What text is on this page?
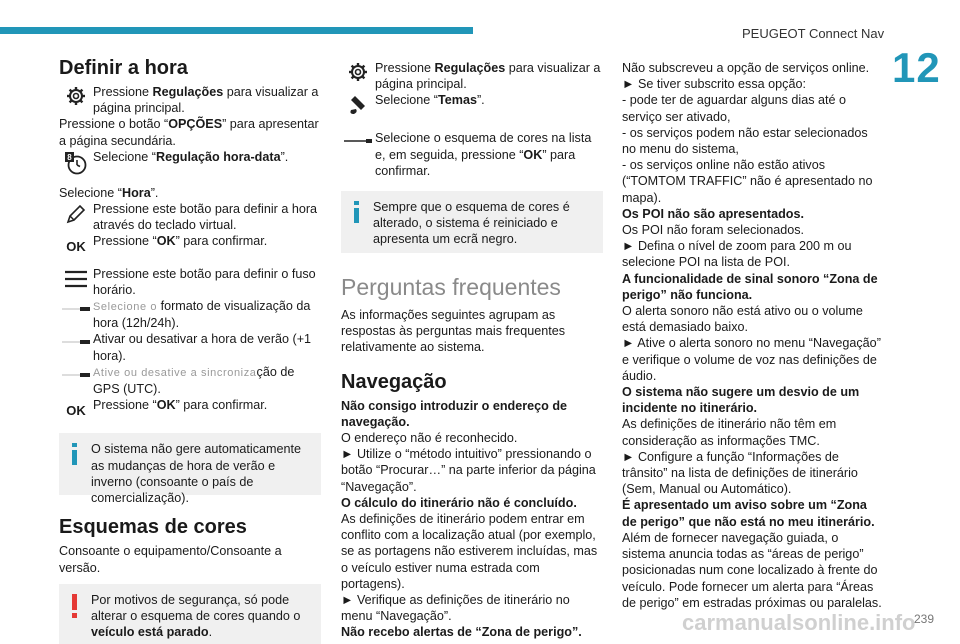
PEUGEOT Connect Nav
12
Definir a hora

Pressione Regulações para visualizar a página principal.

Pressione o botão “OPÇÕES” para apresentar a página secundária.

8 Selecione “Regulação hora-data”.

Selecione “Hora”.

Pressione este botão para definir a hora através do teclado virtual.

OK Pressione “OK” para confirmar.

Pressione este botão para definir o fuso horário.

Selecione o formato de visualização da hora (12h/24h).

Ativar ou desativar a hora de verão (+1 hora).

Ative ou desative a sincronização de GPS (UTC).

OK Pressione “OK” para confirmar.

O sistema não gere automaticamente as mudanças de hora de verão e inverno (consoante o país de comercialização).

Esquemas de cores

Consoante o equipamento/Consoante a versão.

Por motivos de segurança, só pode alterar o esquema de cores quando o veículo está parado.

Pressione Regulações para visualizar a página principal.

Selecione “Temas”.

Selecione o esquema de cores na lista e, em seguida, pressione “OK” para confirmar.

Sempre que o esquema de cores é alterado, o sistema é reiniciado e apresenta um ecrã negro.

Perguntas frequentes

As informações seguintes agrupam as respostas às perguntas mais frequentes relativamente ao sistema.

Navegação

Não consigo introduzir o endereço de navegação.

O endereço não é reconhecido.

► Utilize o “método intuitivo” pressionando o botão “Procurar…” na parte inferior da página “Navegação”.

O cálculo do itinerário não é concluído.

As definições de itinerário podem entrar em conflito com a localização atual (por exemplo, se as portagens não estiverem incluídas, mas o veículo estiver numa estrada com portagens).

► Verifique as definições de itinerário no menu “Navegação”.

Não recebo alertas de “Zona de perigo”.

Não subscreveu a opção de serviços online.

► Se tiver subscrito essa opção:

- pode ter de aguardar alguns dias até o serviço ser ativado,

- os serviços podem não estar selecionados no menu do sistema,

- os serviços online não estão ativos (“TOMTOM TRAFFIC” não é apresentado no mapa).

Os POI não são apresentados.

Os POI não foram selecionados.

► Defina o nível de zoom para 200 m ou selecione POI na lista de POI.

A funcionalidade de sinal sonoro “Zona de perigo” não funciona.

O alerta sonoro não está ativo ou o volume está demasiado baixo.

► Ative o alerta sonoro no menu “Navegação” e verifique o volume de voz nas definições de áudio.

O sistema não sugere um desvio de um incidente no itinerário.

As definições de itinerário não têm em consideração as informações TMC.

► Configure a função “Informações de trânsito” na lista de definições de itinerário (Sem, Manual ou Automático).

É apresentado um aviso sobre um “Zona de perigo” que não está no meu itinerário.

Além de fornecer navegação guiada, o sistema anuncia todas as “áreas de perigo” posicionadas num cone localizado à frente do veículo. Pode fornecer um alerta para “Áreas de perigo” em estradas próximas ou paralelas.

carmanualsonline.info
239
